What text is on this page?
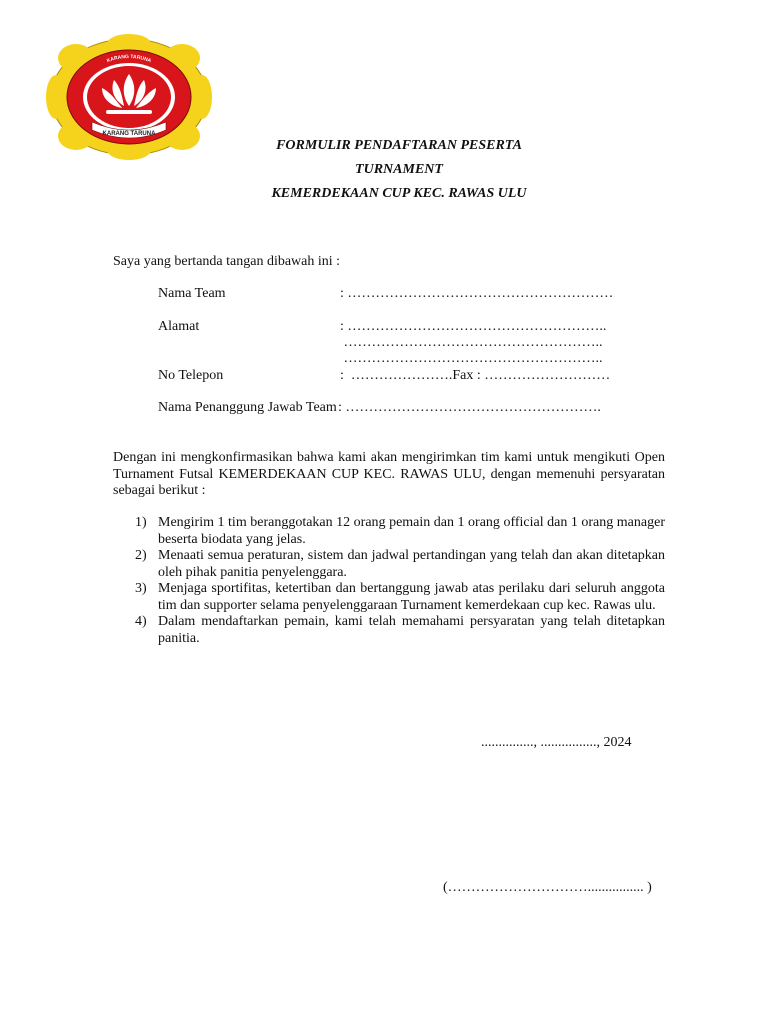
KARANG TARUNA
KARANG TARUNA
FORMULIR PENDAFTARAN PESERTA
TURNAMENT
KEMERDEKAAN CUP KEC. RAWAS ULU
Saya yang bertanda tangan dibawah ini :
Nama Team	: …………………………………………………
Alamat	: ………………………………………………..
………………………………………………..
………………………………………………..
No Telepon	:  ………………….Fax : ………………………
Nama Penanggung Jawab Team : ……………………………………………….
Dengan ini mengkonfirmasikan bahwa kami akan mengirimkan tim kami untuk mengikuti Open Turnament Futsal KEMERDEKAAN CUP KEC. RAWAS ULU, dengan memenuhi persyaratan sebagai berikut :
1) Mengirim 1 tim beranggotakan 12 orang pemain dan 1 orang official dan 1 orang manager beserta biodata yang jelas.
2) Menaati semua peraturan, sistem dan jadwal pertandingan yang telah dan akan ditetapkan oleh pihak panitia penyelenggara.
3) Menjaga sportifitas, ketertiban dan bertanggung jawab atas perilaku dari seluruh anggota tim dan supporter selama penyelenggaraan Turnament kemerdekaan cup kec. Rawas ulu.
4) Dalam mendaftarkan pemain, kami telah memahami persyaratan yang telah ditetapkan panitia.
..............., ................, 2024
(…………………………................ )
